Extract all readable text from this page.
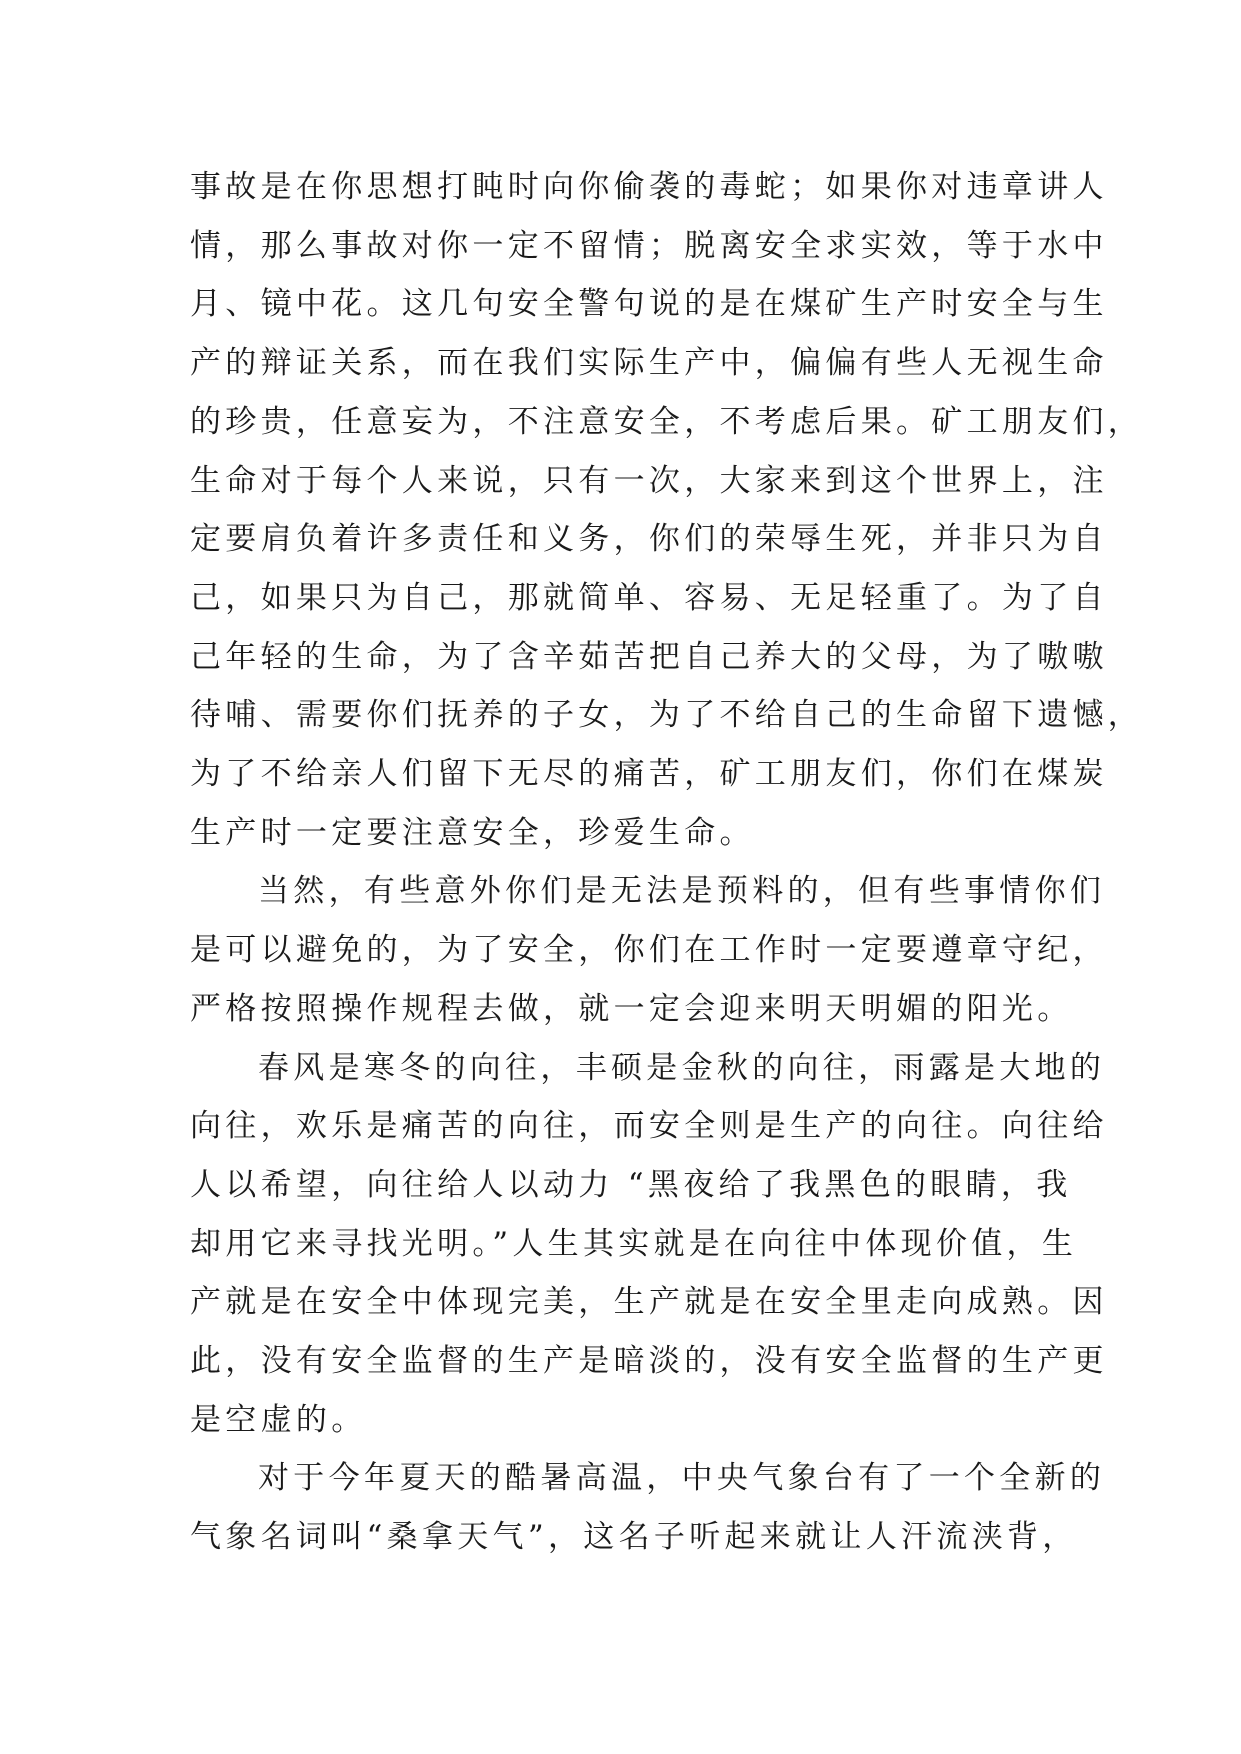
事故是在你思想打盹时向你偷袭的毒蛇；如果你对违章讲人
情，那么事故对你一定不留情；脱离安全求实效，等于水中
月、镜中花。这几句安全警句说的是在煤矿生产时安全与生
产的辩证关系，而在我们实际生产中，偏偏有些人无视生命
的珍贵，任意妄为，不注意安全，不考虑后果。矿工朋友们，
生命对于每个人来说，只有一次，大家来到这个世界上，注
定要肩负着许多责任和义务，你们的荣辱生死，并非只为自
己，如果只为自己，那就简单、容易、无足轻重了。为了自
己年轻的生命，为了含辛茹苦把自己养大的父母，为了嗷嗷
待哺、需要你们抚养的子女，为了不给自己的生命留下遗憾，
为了不给亲人们留下无尽的痛苦，矿工朋友们，你们在煤炭
生产时一定要注意安全，珍爱生命。

当然，有些意外你们是无法是预料的，但有些事情你们
是可以避免的，为了安全，你们在工作时一定要遵章守纪，
严格按照操作规程去做，就一定会迎来明天明媚的阳光。

春风是寒冬的向往，丰硕是金秋的向往，雨露是大地的
向往，欢乐是痛苦的向往，而安全则是生产的向往。向往给
人以希望，向往给人以动力 “黑夜给了我黑色的眼睛，我
却用它来寻找光明。”人生其实就是在向往中体现价值，生
产就是在安全中体现完美，生产就是在安全里走向成熟。因
此，没有安全监督的生产是暗淡的，没有安全监督的生产更
是空虚的。

对于今年夏天的酷暑高温，中央气象台有了一个全新的
气象名词叫“桑拿天气”，这名子听起来就让人汗流浃背，
